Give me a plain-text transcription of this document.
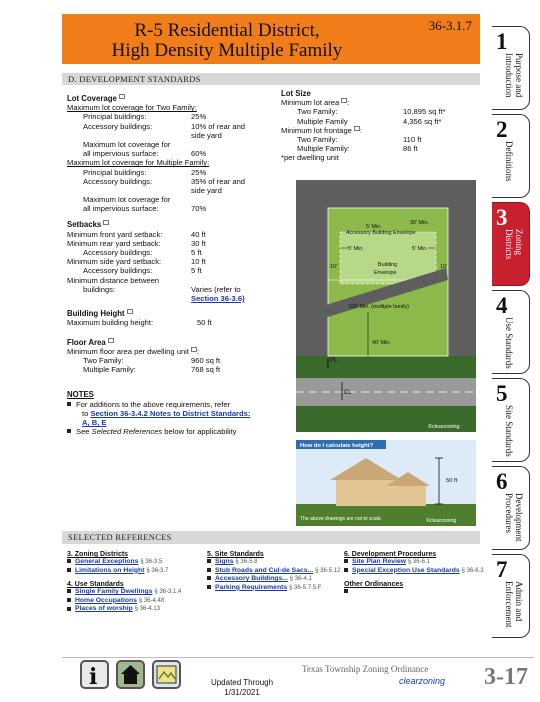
R-5 Residential District,
High Density Multiple Family
36-3.1.7
D. DEVELOPMENT STANDARDS
Lot Coverage
Maximum lot coverage for Two Family:
Principal buildings:	25%
Accessory buildings:	10% of rear and
side yard
Maximum lot coverage for
all impervious surface:	60%
Maximum lot coverage for Multiple Family:
Principal buildings:	25%
Accessory buildings:	35% of rear and
side yard
Maximum lot coverage for
all impervious surface:	70%
Setbacks
Minimum front yard setback:	40 ft
Minimum rear yard setback:	30 ft
Accessory buildings:	5 ft
Minimum side yard setback:	10 ft
Accessory buildings:	5 ft
Minimum distance between
buildings:	Varies (refer to
Section 36-3.6)
Building Height
Maximum building height:	50 ft
Floor Area
Minimum floor area per dwelling unit :
Two Family:	960 sq ft
Multiple Family:	768 sq ft
NOTES
For additions to the above requirements, refer
to Section 36-3.4.2 Notes to District Standards:
A, B, E
See Selected References below for applicability
Lot Size
Minimum lot area :
Two Family:	10,895 sq ft*
Multiple Family	4,356 sq ft*
Minimum lot frontage :
Two Family:	110 ft
Multiple Family:	86 ft
*per dwelling unit
5' Min.
Accessory Building Envelope
30' Min.
5' Min.	5' Min.
10'	10'
Building
Envelope
100' Min. (multiple family)
40' Min.
PL
CL
©clearzoning
How do I calculate height?
50 ft
The above drawings are not to scale.	©clearzoning
SELECTED REFERENCES
3. Zoning Districts
General Exceptions § 36-3.5
Limitations on Height § 36-3.7
4. Use Standards
Single Family Dwellings § 36-3.1.4
Home Occupations § 36-4.48
Places of worship § 36-4.13
5. Site Standards
Signs § 36-5.8
Stub Roads and Cul-de Sacs... § 36-5.12
Accessory Buildings... § 36-4.1
Parking Requirements § 36-5.7.5.F
6. Development Procedures
Site Plan Review § 36-6.1
Special Exception Use Standards § 36-6.3
Other Ordinances
1
Purpose and Introduction
2
Definitions
3
Zoning Districts
4
Use Standards
5
Site Standards
6
Development Procedures
7
Admin and Enforcement
i	Updated Through
1/31/2021
Texas Township Zoning Ordinance
clearzoning 3-17
